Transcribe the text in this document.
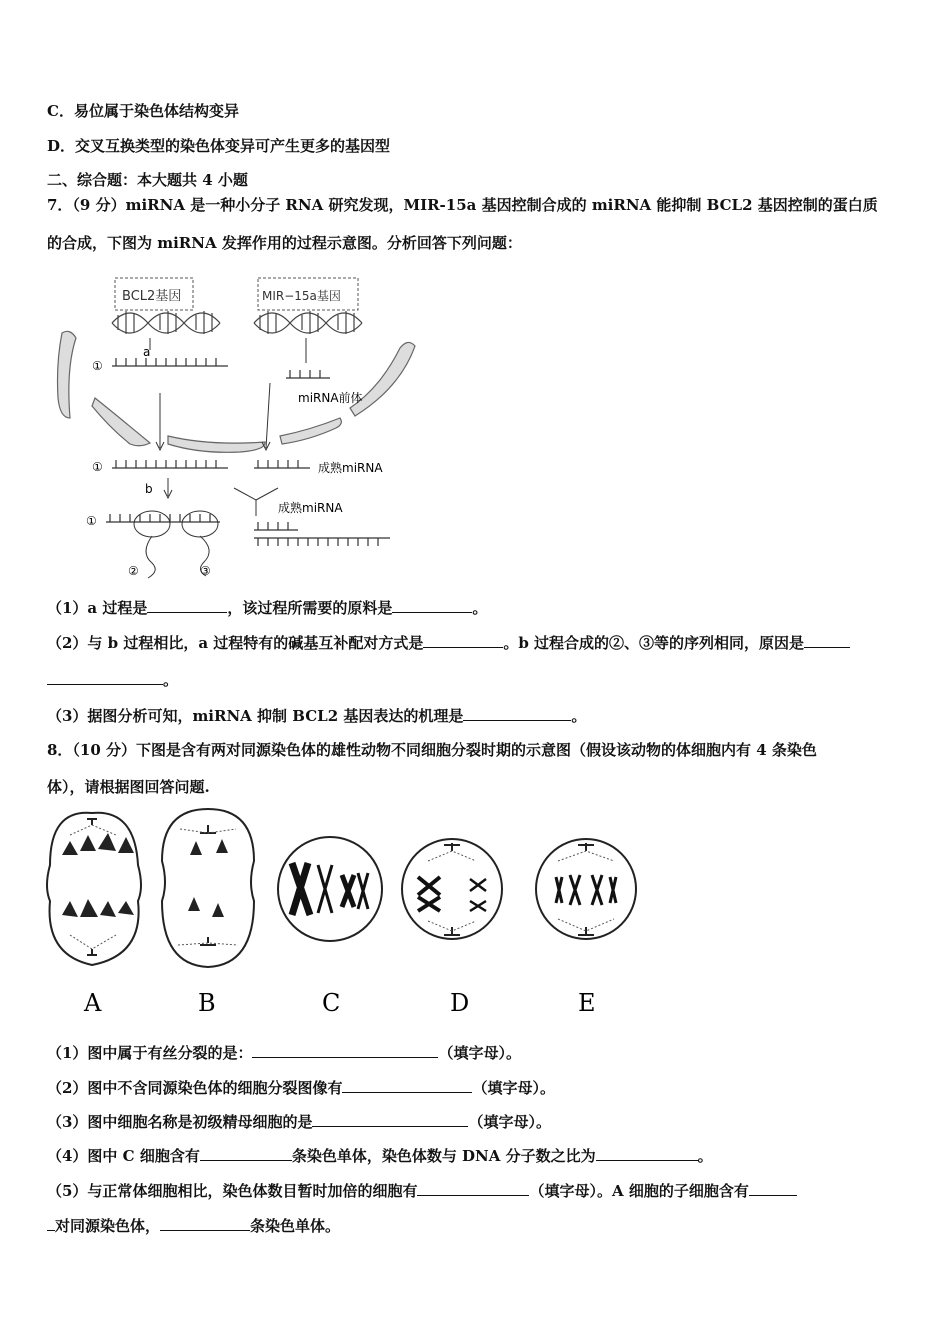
C．易位属于染色体结构变异
D．交叉互换类型的染色体变异可产生更多的基因型
二、综合题：本大题共 4 小题
7．（9 分）miRNA 是一种小分子 RNA 研究发现，MIR-15a 基因控制合成的 miRNA 能抑制 BCL2 基因控制的蛋白质
的合成，下图为 miRNA 发挥作用的过程示意图。分析回答下列问题：
BCL2基因	MIR−15a基因
①
a
miRNA前体
①	成熟miRNA
b
成熟miRNA
①
②	③
（1）a 过程是	，该过程所需要的原料是	。
（2）与 b 过程相比，a 过程特有的碱基互补配对方式是	。b 过程合成的②、③等的序列相同，原因是
。
（3）据图分析可知，miRNA 抑制 BCL2 基因表达的机理是	。
8．（10 分）下图是含有两对同源染色体的雄性动物不同细胞分裂时期的示意图（假设该动物的体细胞内有 4 条染色
体），请根据图回答问题.
A	B	C	D	E
（1）图中属于有丝分裂的是：	（填字母）。
（2）图中不含同源染色体的细胞分裂图像有	（填字母）。
（3）图中细胞名称是初级精母细胞的是	（填字母）。
（4）图中 C 细胞含有	条染色单体，染色体数与 DNA 分子数之比为	。
（5）与正常体细胞相比，染色体数目暂时加倍的细胞有	（填字母）。A 细胞的子细胞含有
对同源染色体，	条染色单体。
